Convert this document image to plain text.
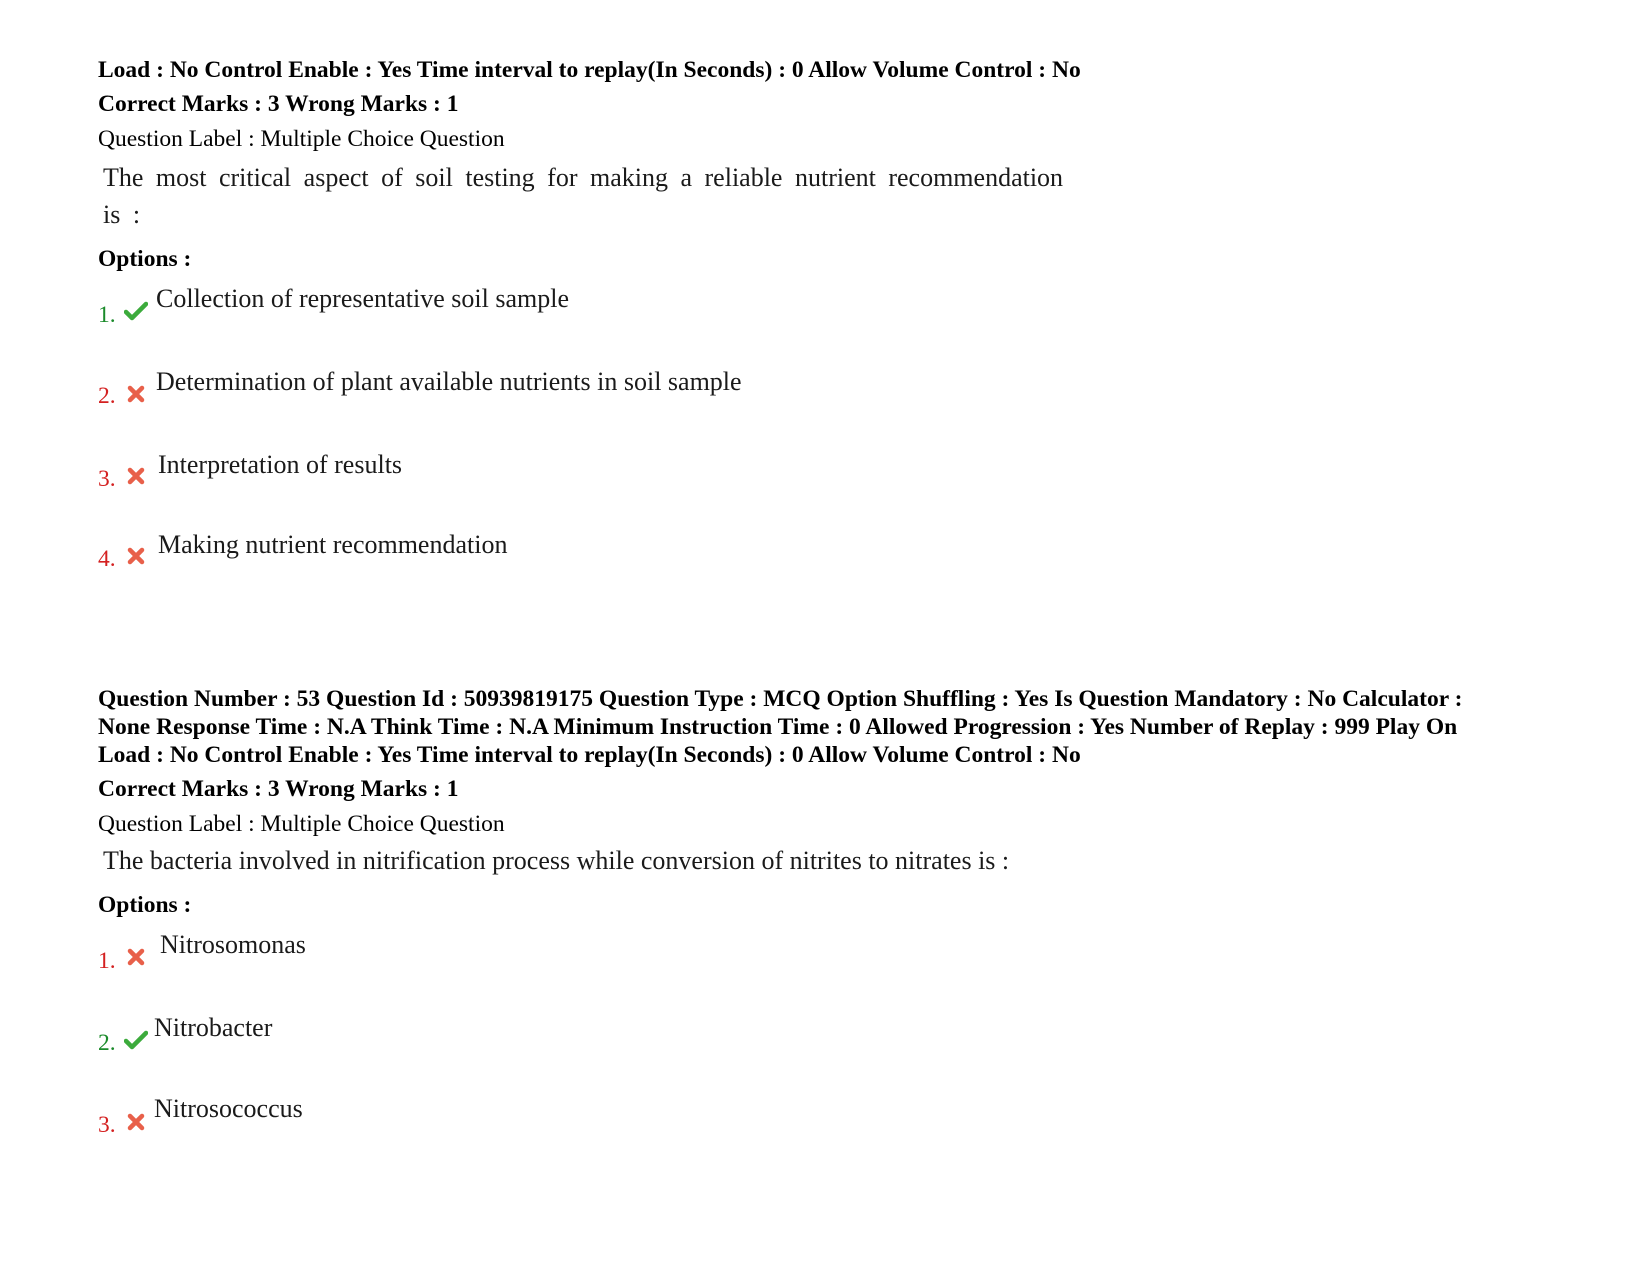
Load : No Control Enable : Yes Time interval to replay(In Seconds) : 0 Allow Volume Control : No

Correct Marks : 3 Wrong Marks : 1

Question Label : Multiple Choice Question

The most critical aspect of soil testing for making a reliable nutrient recommendation
is :

Options :

1.
Collection of representative soil sample
2. Determination of plant available nutrients in soil sample
3. Interpretation of results
4. Making nutrient recommendation

Question Number : 53 Question Id : 50939819175 Question Type : MCQ Option Shuffling : Yes Is Question Mandatory : No Calculator :

None Response Time : N.A Think Time : N.A Minimum Instruction Time : 0 Allowed Progression : Yes Number of Replay : 999 Play On

Load : No Control Enable : Yes Time interval to replay(In Seconds) : 0 Allow Volume Control : No

Correct Marks : 3 Wrong Marks : 1

Question Label : Multiple Choice Question

The bacteria involved in nitrification process while conversion of nitrites to nitrates is :

Options :

1.
Nitrosomonas
2.
Nitrobacter
3.
Nitrosococcus
